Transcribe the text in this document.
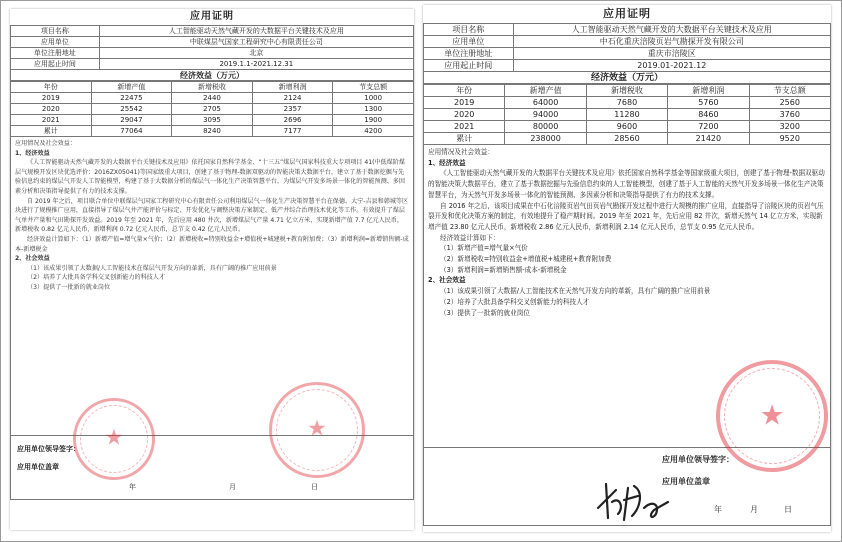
应用证明
项目名称	人工智能驱动天然气藏开发的大数据平台关键技术及应用
应用单位	中联煤层气国家工程研究中心有限责任公司
单位注册地址	北京
应用起止时间	2019.1.1-2021.12.31
经济效益（万元）
年份	新增产值	新增税收	新增利润	节支总额
2019	22475	2440	2124	1000
2020	25542	2705	2357	1300
2021	29047	3095	2696	1900
累计	77064	8240	7177	4200

应用情况及社会效益：

1、经济效益

《人工智能驱动天然气藏开发的大数据平台关键技术及应用》依托国家自然科学基金、“十三五”煤层气国家科技重大专项项目 41(中低煤阶煤层气规模开发区块优选评价：2016ZX05041)等国家级重大项目，创建了基于物理-数据双驱动的智能决策大数据平台，建立了基于数据挖掘与先验信息约束的煤层气开发人工智能模型，构建了基于大数据分析的煤层气一体化生产决策智慧平台，为煤层气开发多场景一体化的智能预测、多因素分析和决策指导提供了有力的技术支撑。

自 2019 年之后，项目联合单位中联煤层气国家工程研究中心有限责任公司利用煤层气一体化生产决策智慧平台在保德、大宁-吉县和韩城等区块进行了规模推广应用，直接指导了煤层气井产能评价与标定、开发优化与调整决策方案制定、低产井综合治理技术优化等工作。有效提升了煤层气单井产量和气田勘探开发效益。2019 年至 2021 年，先后应用 480 井次，新增煤层气产量 4.71 亿立方米，实现新增产值 7.7 亿元人民币，新增税收 0.82 亿元人民币，新增利润 0.72 亿元人民币，总节支 0.42 亿元人民币。

经济效益计算如下：（1）新增产值=增气量×气价；（2）新增税收=特别收益金+增值税+城建税+教育附加费；（3）新增利润=新增销售额-成本-新增税金

2、社会效益

（1）该成果引领了大数据/人工智能技术在煤层气开发方向的革新，具有广阔的推广应用前景

（2）培养了大批具备学科交叉创新能力的科技人才

（3）提供了一批新的就业岗位

应用单位领导签字：

应用单位盖章

年	月	日

★	★
应用证明
项目名称	人工智能驱动天然气藏开发的大数据平台关键技术及应用
应用单位	中石化重庆涪陵页岩气勘探开发有限公司
单位注册地址	重庆市涪陵区
应用起止时间	2019.01-2021.12
经济效益（万元）
年份	新增产值	新增税收	新增利润	节支总额
2019	64000	7680	5760	2560
2020	94000	11280	8460	3760
2021	80000	9600	7200	3200
累计	238000	28560	21420	9520

应用情况及社会效益：

1、经济效益

《人工智能驱动天然气藏开发的大数据平台关键技术及应用》依托国家自然科学基金等国家级重大项目，创建了基于物理-数据双驱动的智能决策大数据平台，建立了基于数据挖掘与先验信息约束的人工智能模型，创建了基于人工智能的天然气开发多场景一体化生产决策智慧平台，为天然气开发多场景一体化的智能预测、多因素分析和决策指导提供了有力的技术支撑。

自 2016 年之后，该项目成果在中石化涪陵页岩气田页岩气勘探开发过程中进行大规模的推广应用，直接指导了涪陵区块的页岩气压裂开发和优化决策方案的制定，有效地提升了稳产期时间。2019 年至 2021 年，先后应用 82 井次，新增天然气 14 亿立方米，实现新增产值 23.80 亿元人民币，新增税收 2.86 亿元人民币，新增利润 2.14 亿元人民币，总节支 0.95 亿元人民币。

经济效益计算如下：

（1）新增产值=增气量×气价

（2）新增税收=特别收益金+增值税+城建税+教育附加费

（3）新增利润=新增销售额-成本-新增税金

2、社会效益

（1）该成果引领了大数据/人工智能技术在天然气开发方向的革新，具有广阔的推广应用前景

（2）培养了大批具备学科交叉创新能力的科技人才

（3）提供了一批新的就业岗位

应用单位领导签字：

应用单位盖章

年	月	日

★
